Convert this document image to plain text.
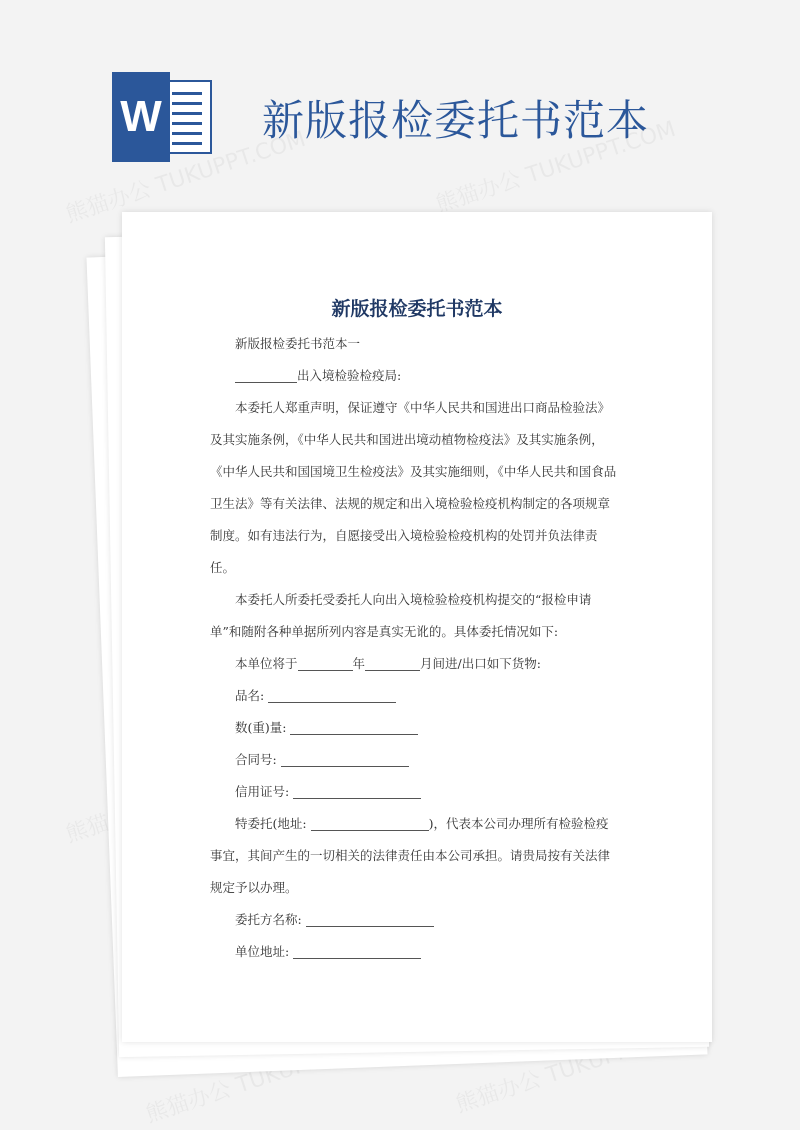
W 新版报检委托书范本
新版报检委托书范本

新版报检委托书范本一

出入境检验检疫局:

本委托人郑重声明，保证遵守《中华人民共和国进出口商品检验法》及其实施条例，《中华人民共和国进出境动植物检疫法》及其实施条例，《中华人民共和国国境卫生检疫法》及其实施细则，《中华人民共和国食品卫生法》等有关法律、法规的规定和出入境检验检疫机构制定的各项规章制度。如有违法行为，自愿接受出入境检验检疫机构的处罚并负法律责任。

本委托人所委托受委托人向出入境检验检疫机构提交的“报检申请单”和随附各种单据所列内容是真实无讹的。具体委托情况如下:

本单位将于	年	月间进/出口如下货物:

品名:

数(重)量:

合同号:

信用证号:

特委托(地址:	)，代表本公司办理所有检验检疫事宜，其间产生的一切相关的法律责任由本公司承担。请贵局按有关法律规定予以办理。

委托方名称:

单位地址:
